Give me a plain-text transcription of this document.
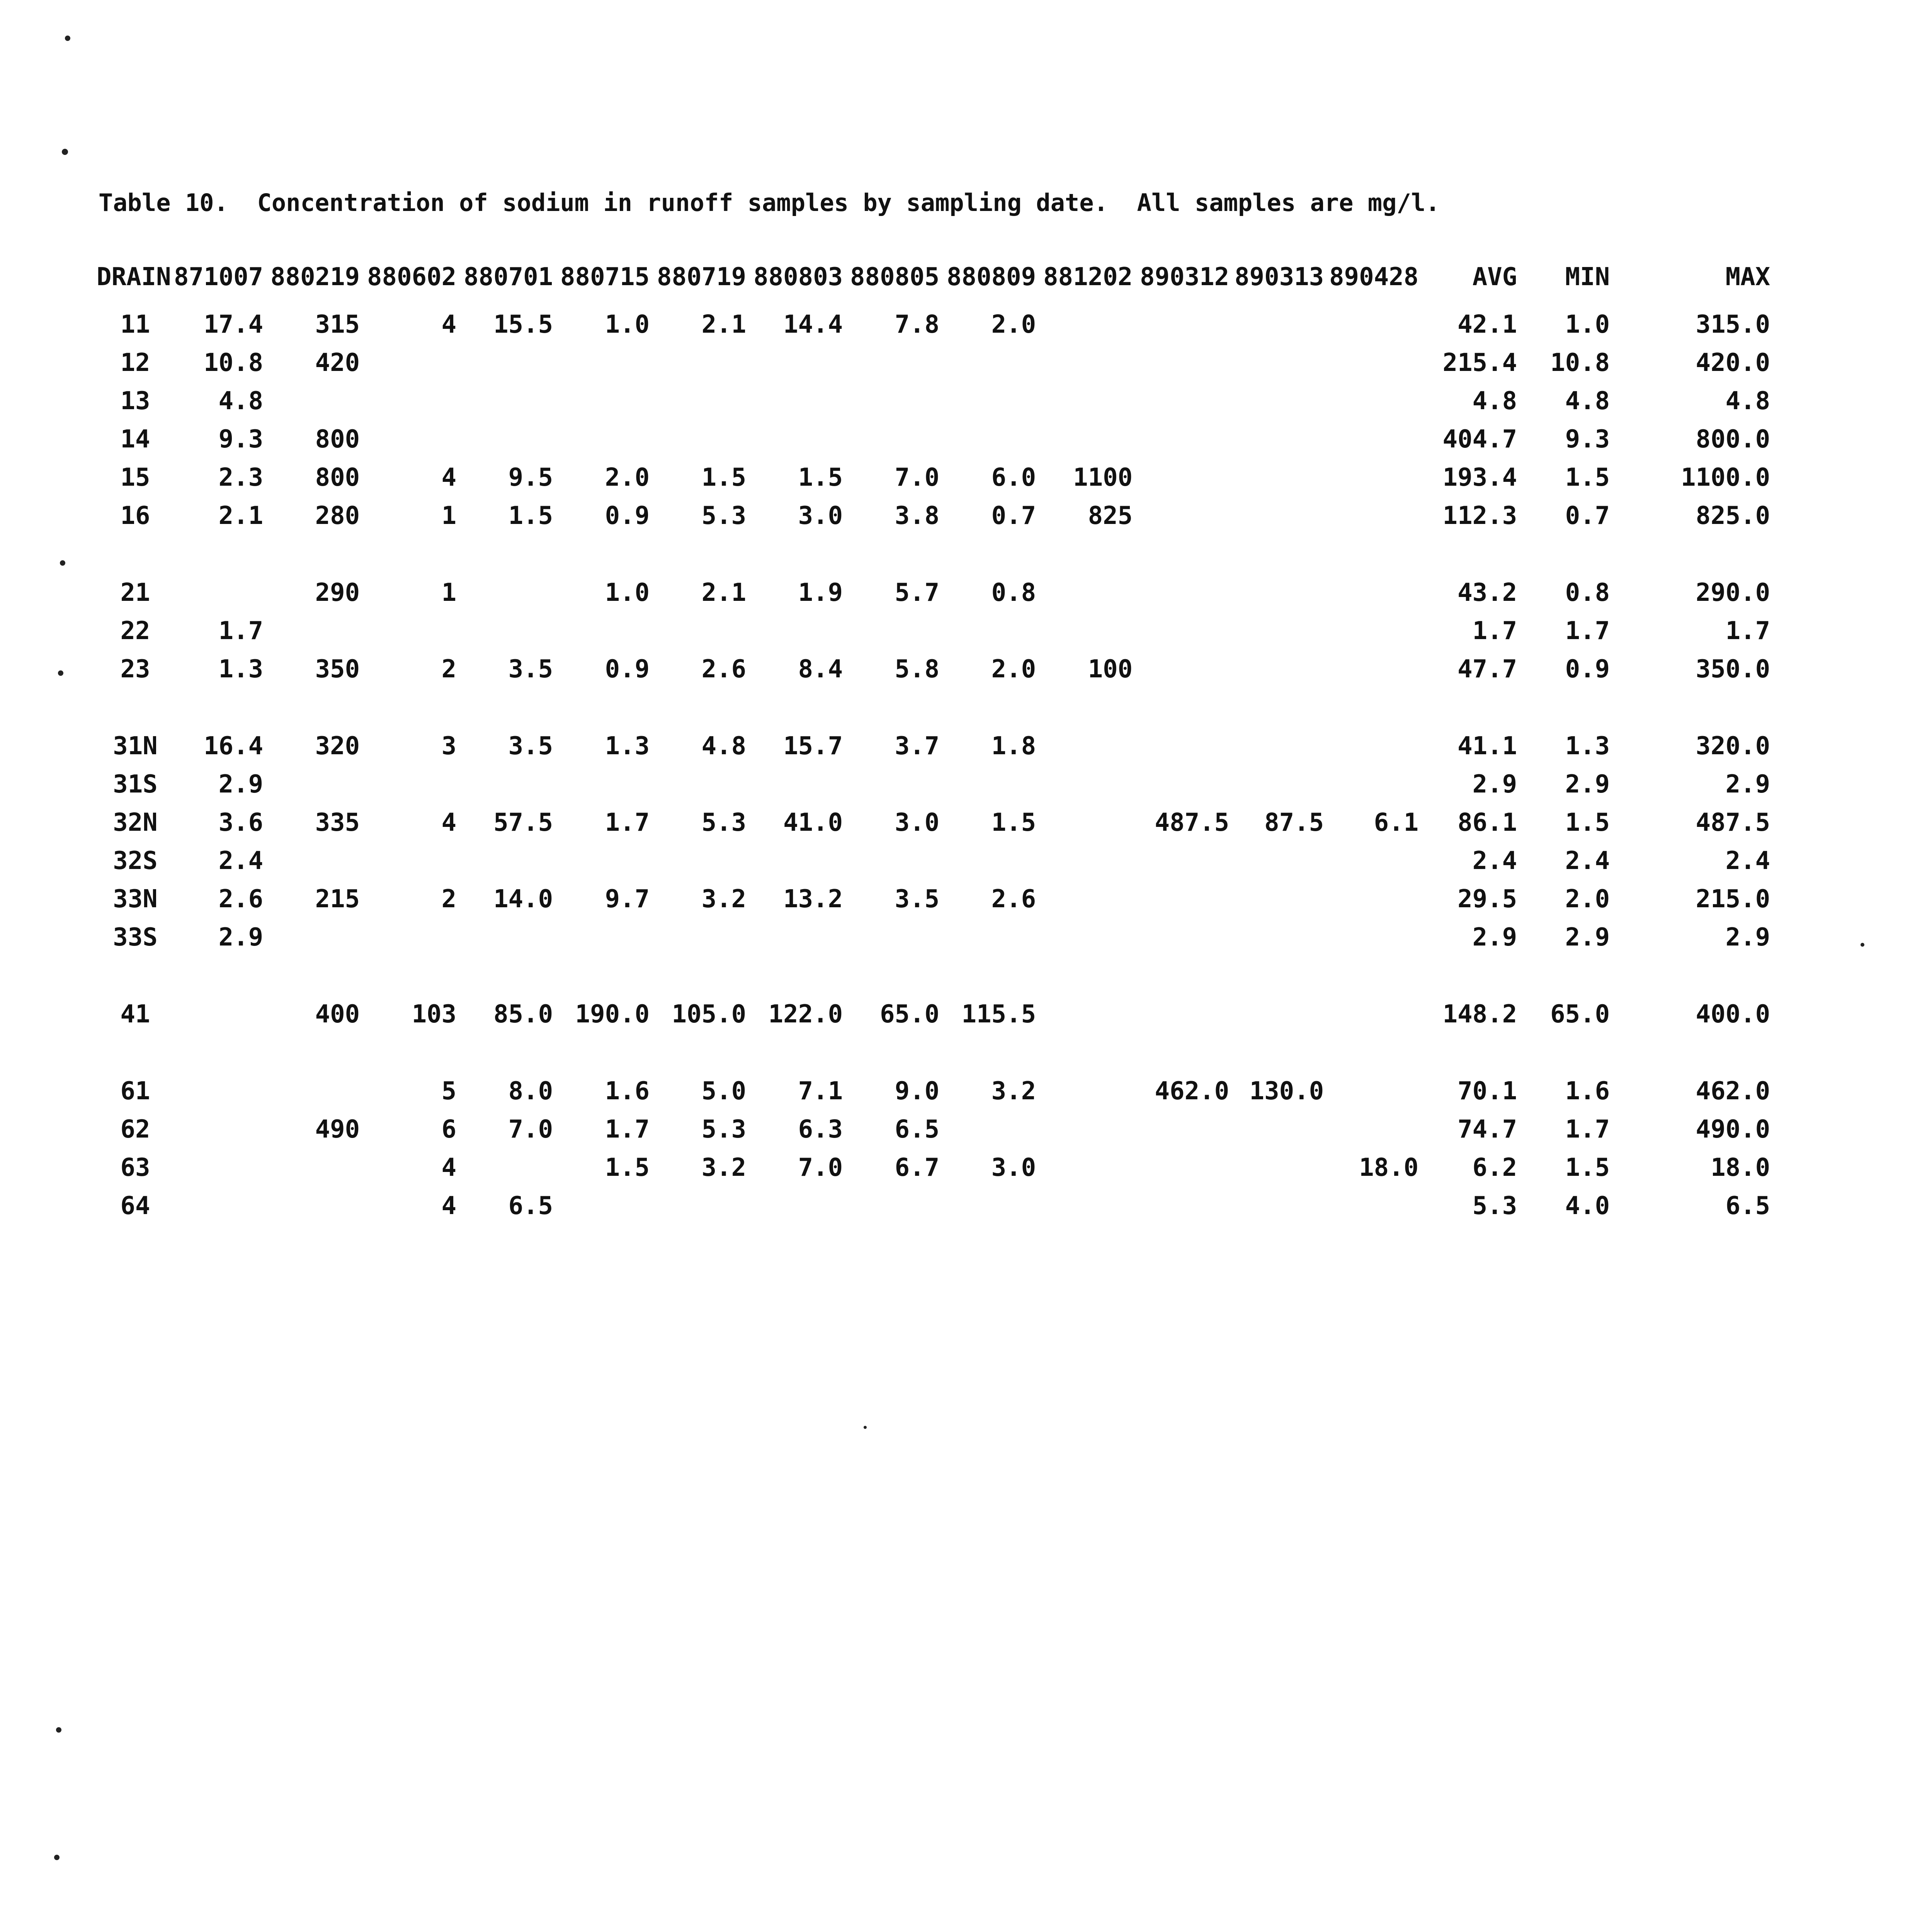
Table 10.  Concentration of sodium in runoff samples by sampling date.  All samples are mg/l.
DRAIN	871007	880219	880602	880701	880715	880719	880803	880805	880809	881202	890312	890313	890428	AVG	MIN	MAX
11	17.4	315	4	15.5	1.0	2.1	14.4	7.8	2.0					42.1	1.0	315.0
12	10.8	420												215.4	10.8	420.0
13	4.8													4.8	4.8	4.8
14	9.3	800												404.7	9.3	800.0
15	2.3	800	4	9.5	2.0	1.5	1.5	7.0	6.0	1100				193.4	1.5	1100.0
16	2.1	280	1	1.5	0.9	5.3	3.0	3.8	0.7	825				112.3	0.7	825.0

21		290	1		1.0	2.1	1.9	5.7	0.8					43.2	0.8	290.0
22	1.7													1.7	1.7	1.7
23	1.3	350	2	3.5	0.9	2.6	8.4	5.8	2.0	100				47.7	0.9	350.0

31N	16.4	320	3	3.5	1.3	4.8	15.7	3.7	1.8					41.1	1.3	320.0
31S	2.9													2.9	2.9	2.9
32N	3.6	335	4	57.5	1.7	5.3	41.0	3.0	1.5		487.5	87.5	6.1	86.1	1.5	487.5
32S	2.4													2.4	2.4	2.4
33N	2.6	215	2	14.0	9.7	3.2	13.2	3.5	2.6					29.5	2.0	215.0
33S	2.9													2.9	2.9	2.9

41		400	103	85.0	190.0	105.0	122.0	65.0	115.5					148.2	65.0	400.0

61			5	8.0	1.6	5.0	7.1	9.0	3.2		462.0	130.0		70.1	1.6	462.0
62		490	6	7.0	1.7	5.3	6.3	6.5						74.7	1.7	490.0
63			4		1.5	3.2	7.0	6.7	3.0				18.0	6.2	1.5	18.0
64			4	6.5										5.3	4.0	6.5
